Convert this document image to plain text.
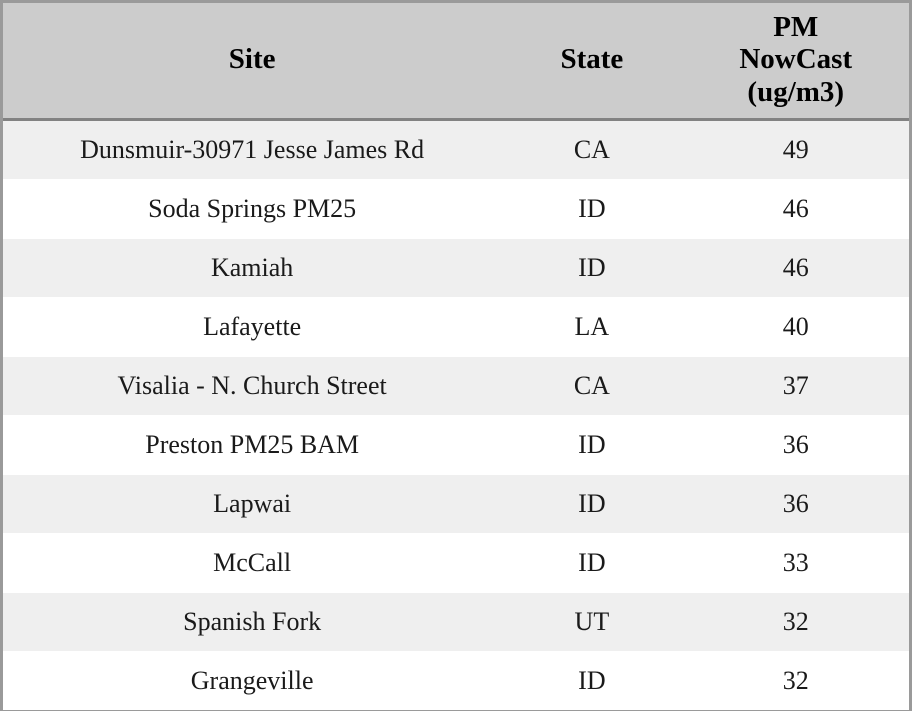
Site	State	PM
NowCast
(ug/m3)
Dunsmuir-30971 Jesse James Rd	CA	49
Soda Springs PM25	ID	46
Kamiah	ID	46
Lafayette	LA	40
Visalia - N. Church Street	CA	37
Preston PM25 BAM	ID	36
Lapwai	ID	36
McCall	ID	33
Spanish Fork	UT	32
Grangeville	ID	32
